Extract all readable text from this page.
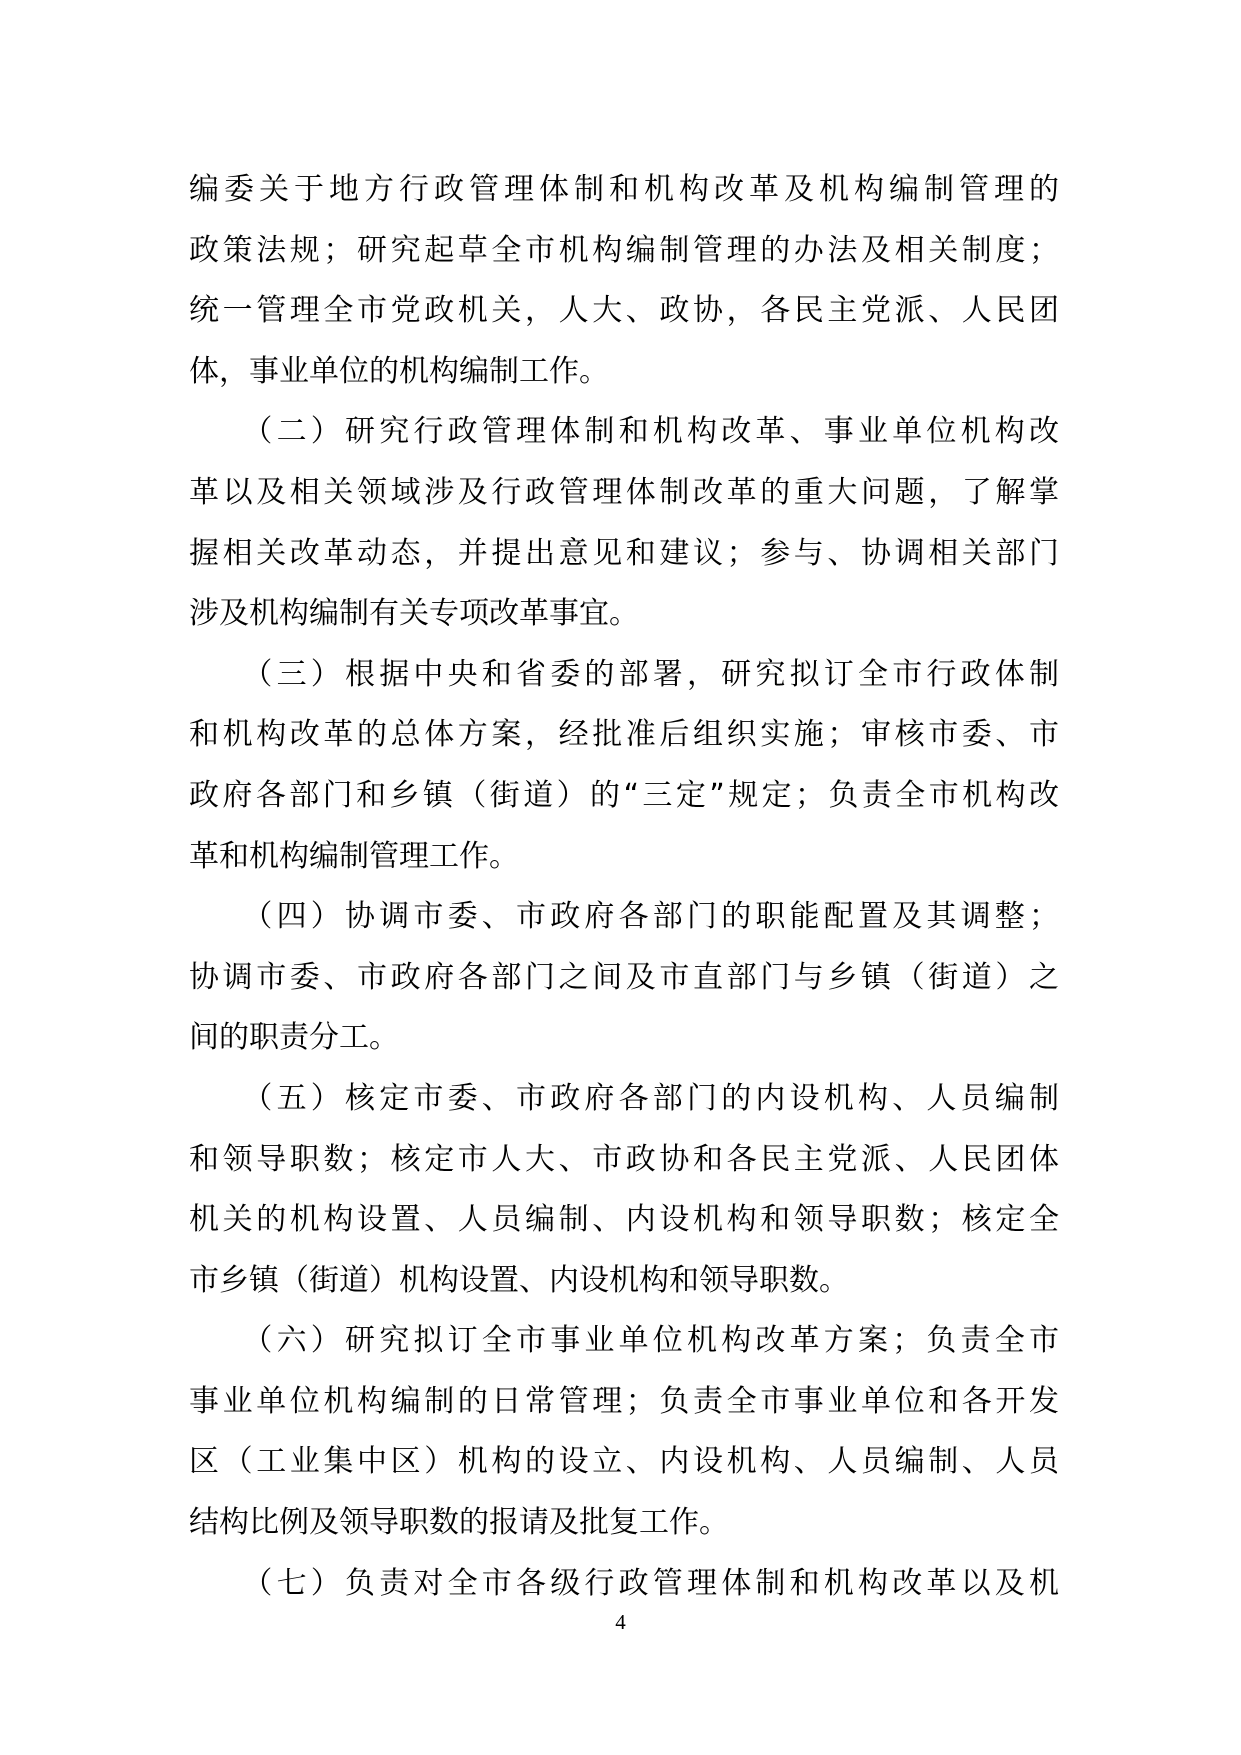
编委关于地方行政管理体制和机构改革及机构编制管理的
政策法规；研究起草全市机构编制管理的办法及相关制度；
统一管理全市党政机关，人大、政协，各民主党派、人民团
体，事业单位的机构编制工作。
　　（二）研究行政管理体制和机构改革、事业单位机构改
革以及相关领域涉及行政管理体制改革的重大问题，了解掌
握相关改革动态，并提出意见和建议；参与、协调相关部门
涉及机构编制有关专项改革事宜。
　　（三）根据中央和省委的部署，研究拟订全市行政体制
和机构改革的总体方案，经批准后组织实施；审核市委、市
政府各部门和乡镇（街道）的“三定”规定；负责全市机构改
革和机构编制管理工作。
　　（四）协调市委、市政府各部门的职能配置及其调整；
协调市委、市政府各部门之间及市直部门与乡镇（街道）之
间的职责分工。
　　（五）核定市委、市政府各部门的内设机构、人员编制
和领导职数；核定市人大、市政协和各民主党派、人民团体
机关的机构设置、人员编制、内设机构和领导职数；核定全
市乡镇（街道）机构设置、内设机构和领导职数。
　　（六）研究拟订全市事业单位机构改革方案；负责全市
事业单位机构编制的日常管理；负责全市事业单位和各开发
区（工业集中区）机构的设立、内设机构、人员编制、人员
结构比例及领导职数的报请及批复工作。
　　（七）负责对全市各级行政管理体制和机构改革以及机
4
